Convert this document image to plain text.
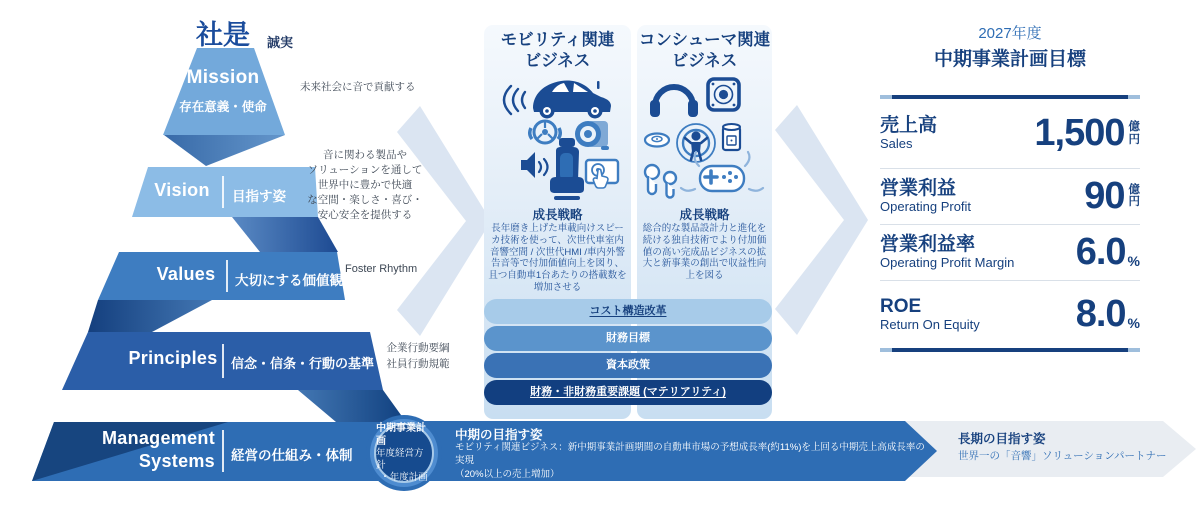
社是 誠実
Mission
存在意義・使命
未来社会に音で貢献する
Vision	目指す姿
音に関わる製品や
ソリューションを通して
世界中に豊かで快適
な空間・楽しさ・喜び・
安心安全を提供する
Values	大切にする価値観
Foster Rhythm
Principles 信念・信条・行動の基準
企業行動要綱
社員行動規範
Management
Systems 経営の仕組み・体制
モビリティ関連
ビジネス
コンシューマ関連
ビジネス
成長戦略	成長戦略
長年磨き上げた車載向けスピーカ技術を使って、次世代車室内音響空間 / 次世代HMI /車内外警告音等で付加価値向上を図り、且つ自動車1台あたりの搭載数を増加させる
総合的な製品設計力と進化を続ける独自技術でより付加価値の高い完成品ビジネスの拡大と新事業の創出で収益性向上を図る
コスト構造改革
財務目標
資本政策
財務・非財務重要課題 (マテリアリティ)
2027年度
中期事業計画目標
売上高
Sales	1,500 億
円
営業利益
Operating Profit	90 億
円
営業利益率
Operating Profit Margin 6.0 %
ROE
Return On Equity	8.0 %
中期事業計画
年度経営方針
・年度計画
中期の目指す姿
モビリティ関連ビジネス：新中期事業計画期間の自動車市場の予想成長率(約11%)を上回る中期売上高成長率の実現
（20%以上の売上増加）
コンシューマ関連ビジネス：モビリティ関連ビジネスに次ぐ柱の育成
長期の目指す姿
世界一の「音響」ソリューションパートナー
